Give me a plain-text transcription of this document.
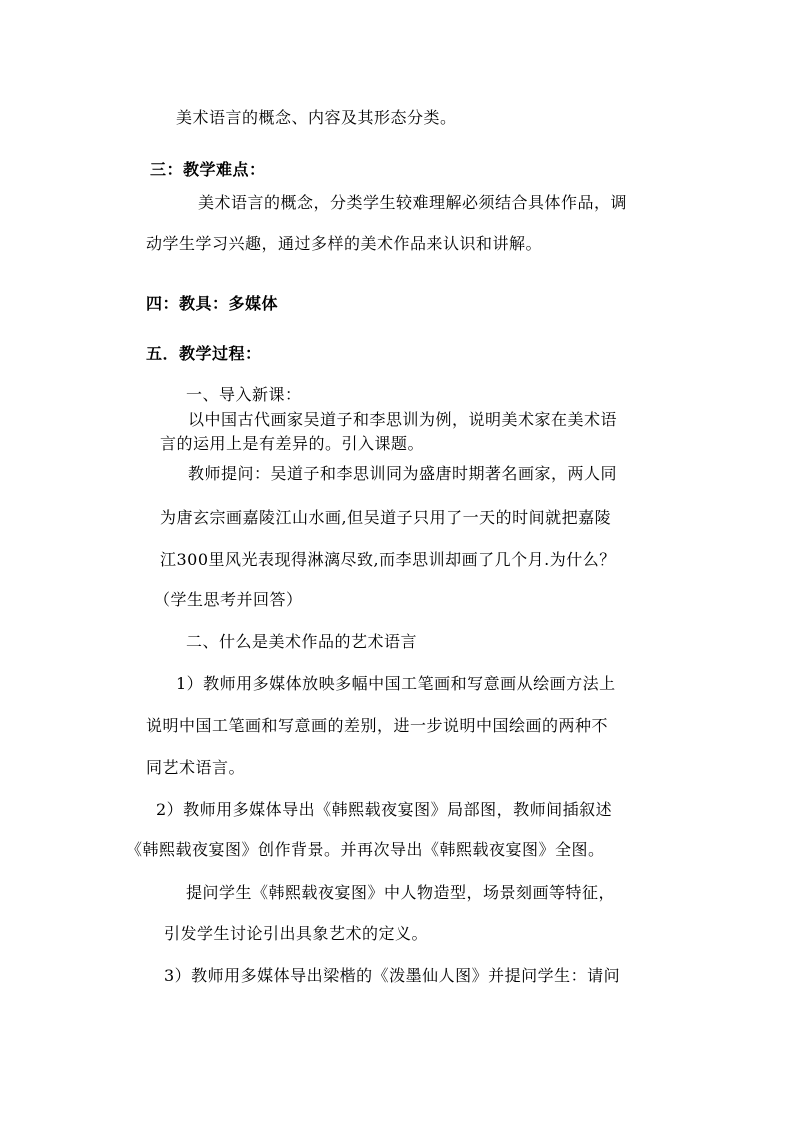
美术语言的概念、内容及其形态分类。
三：教学难点：
美术语言的概念，分类学生较难理解必须结合具体作品，调
动学生学习兴趣，通过多样的美术作品来认识和讲解。
四：教具：多媒体
五．教学过程：
一、导入新课：
以中国古代画家吴道子和李思训为例，说明美术家在美术语
言的运用上是有差异的。引入课题。
教师提问：吴道子和李思训同为盛唐时期著名画家，两人同
为唐玄宗画嘉陵江山水画,但吴道子只用了一天的时间就把嘉陵
江300里风光表现得淋漓尽致,而李思训却画了几个月.为什么？
（学生思考并回答）
二、什么是美术作品的艺术语言
1）教师用多媒体放映多幅中国工笔画和写意画从绘画方法上
说明中国工笔画和写意画的差别，进一步说明中国绘画的两种不
同艺术语言。
2）教师用多媒体导出《韩熙载夜宴图》局部图，教师间插叙述
《韩熙载夜宴图》创作背景。并再次导出《韩熙载夜宴图》全图。
提问学生《韩熙载夜宴图》中人物造型，场景刻画等特征，
引发学生讨论引出具象艺术的定义。
3）教师用多媒体导出梁楷的《泼墨仙人图》并提问学生：请问
